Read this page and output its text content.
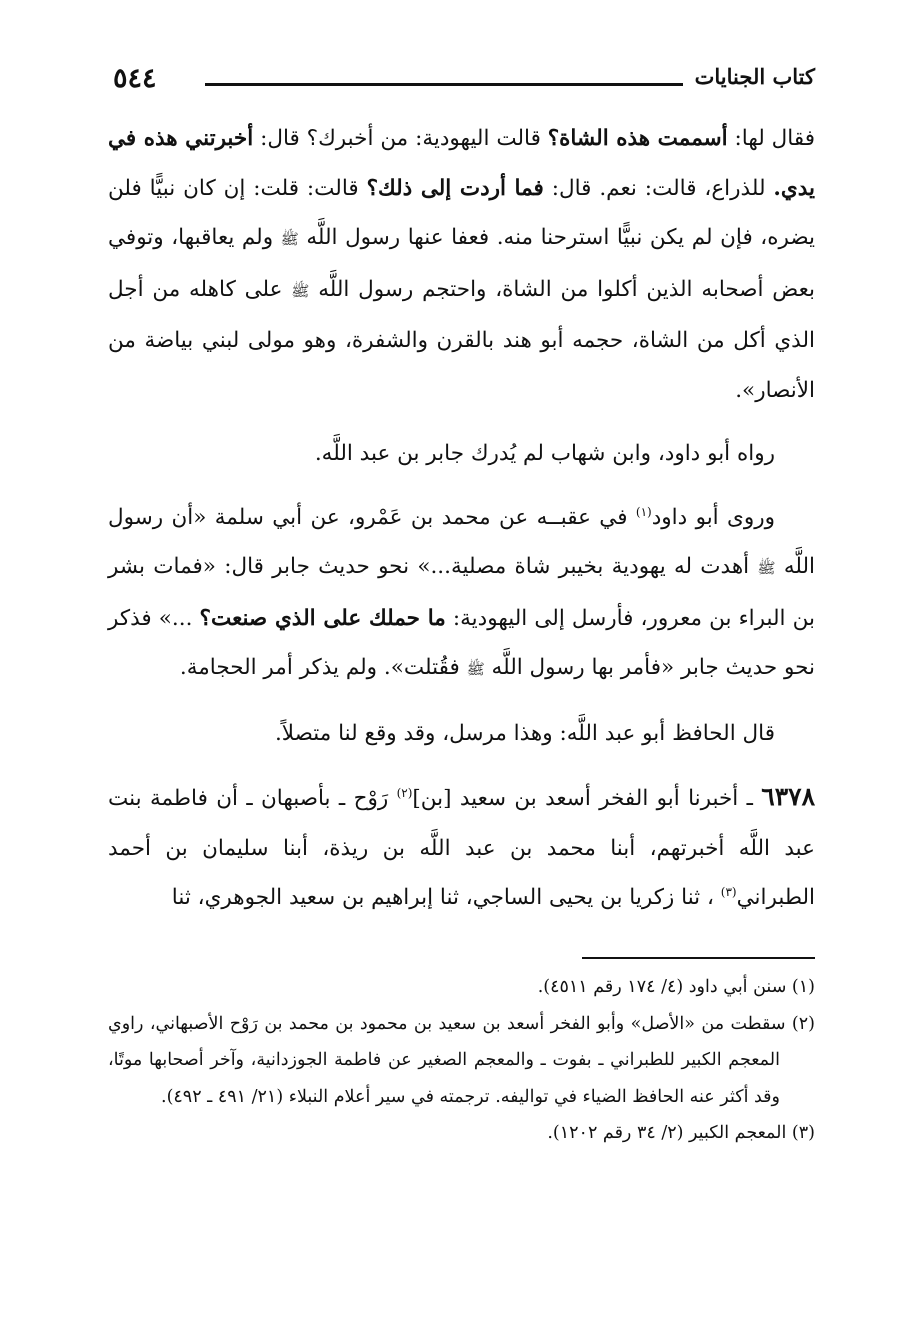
٥٤٤	كتاب الجنايات

فقال لها: أسممت هذه الشاة؟ قالت اليهودية: من أخبرك؟ قال: أخبرتني هذه في يدي. للذراع، قالت: نعم. قال: فما أردت إلى ذلك؟ قالت: قلت: إن كان نبيًّا فلن يضره، فإن لم يكن نبيًّا استرحنا منه. فعفا عنها رسول اللَّه ﷺ ولم يعاقبها، وتوفي بعض أصحابه الذين أكلوا من الشاة، واحتجم رسول اللَّه ﷺ على كاهله من أجل الذي أكل من الشاة، حجمه أبو هند بالقرن والشفرة، وهو مولى لبني بياضة من الأنصار».

رواه أبو داود، وابن شهاب لم يُدرك جابر بن عبد اللَّه.

وروى أبو داود$^{(١)}$ في عقبــه عن محمد بن عَمْرو، عن أبي سلمة «أن رسول اللَّه ﷺ أهدت له يهودية بخيبر شاة مصلية...» نحو حديث جابر قال: «فمات بشر بن البراء بن معرور، فأرسل إلى اليهودية: ما حملك على الذي صنعت؟ ...» فذكر نحو حديث جابر «فأمر بها رسول اللَّه ﷺ فقُتلت». ولم يذكر أمر الحجامة.

قال الحافظ أبو عبد اللَّه: وهذا مرسل، وقد وقع لنا متصلاً.

٦٣٧٨ ـ أخبرنا أبو الفخر أسعد بن سعيد [بن]$^{(٢)}$ رَوْح ـ بأصبهان ـ أن فاطمة بنت عبد اللَّه أخبرتهم، أبنا محمد بن عبد اللَّه بن ريذة، أبنا سليمان بن أحمد الطبراني$^{(٣)}$ ، ثنا زكريا بن يحيى الساجي، ثنا إبراهيم بن سعيد الجوهري، ثنا

(١) سنن أبي داود (٤/ ١٧٤ رقم ٤٥١١).

(٢) سقطت من «الأصل» وأبو الفخر أسعد بن سعيد بن محمود بن محمد بن رَوْح الأصبهاني، راوي المعجم الكبير للطبراني ـ بفوت ـ والمعجم الصغير عن فاطمة الجوزدانية، وآخر أصحابها موتًا، وقد أكثر عنه الحافظ الضياء في تواليفه. ترجمته في سير أعلام النبلاء (٢١/ ٤٩١ ـ ٤٩٢).

(٣) المعجم الكبير (٢/ ٣٤ رقم ١٢٠٢).
